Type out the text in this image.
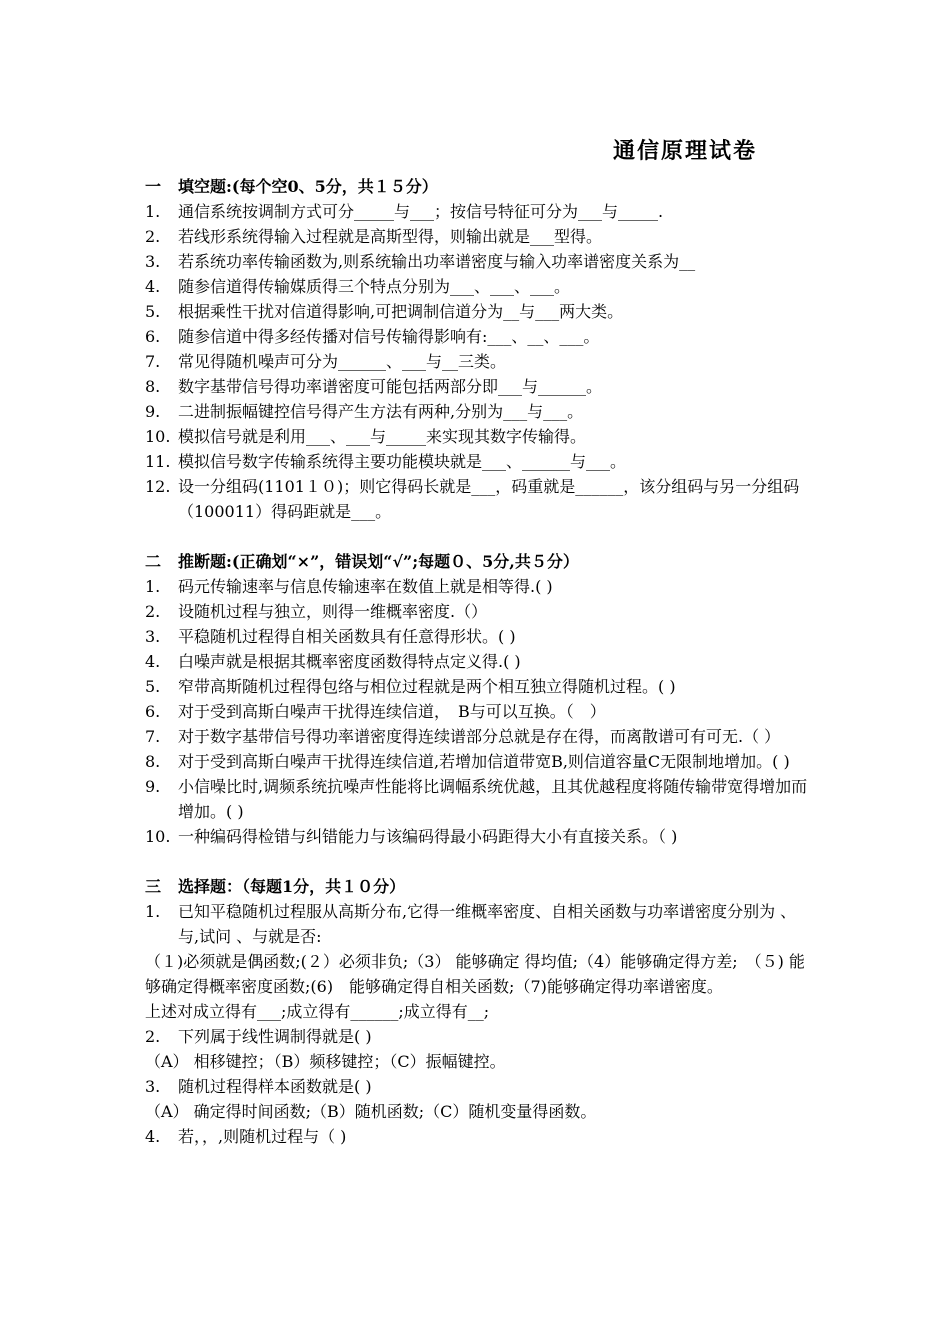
通信原理试卷
一 填空题:(每个空0、5分，共１５分）
1.	通信系统按调制方式可分_____与___；按信号特征可分为___与_____.
2.	若线形系统得输入过程就是高斯型得，则输出就是___型得。
3.	若系统功率传输函数为,则系统输出功率谱密度与输入功率谱密度关系为__
4.	随参信道得传输媒质得三个特点分别为___、___、___。
5.	根据乘性干扰对信道得影响,可把调制信道分为__与___两大类。
6.	随参信道中得多经传播对信号传输得影响有:___、__、___。
7.	常见得随机噪声可分为______、___与__三类。
8.	数字基带信号得功率谱密度可能包括两部分即___与______。
9.	二进制振幅键控信号得产生方法有两种,分别为___与___。
10. 模拟信号就是利用___、___与_____来实现其数字传输得。
11. 模拟信号数字传输系统得主要功能模块就是___、______与___。
12. 设一分组码(1101１０)；则它得码长就是___，码重就是______，该分组码与另一分组码（100011）得码距就是___。
二 推断题:(正确划“×”，错误划“√”;每题０、5分,共５分）
1.	码元传输速率与信息传输速率在数值上就是相等得.( )
2.	设随机过程与独立，则得一维概率密度.（）
3.	平稳随机过程得自相关函数具有任意得形状。( )
4.	白噪声就是根据其概率密度函数得特点定义得.( )
5.	窄带高斯随机过程得包络与相位过程就是两个相互独立得随机过程。( )
6.	对于受到高斯白噪声干扰得连续信道，　B与可以互换。（　）
7.	对于数字基带信号得功率谱密度得连续谱部分总就是存在得，而离散谱可有可无.（ ）
8.	对于受到高斯白噪声干扰得连续信道,若增加信道带宽B,则信道容量C无限制地增加。( )
9.	小信噪比时,调频系统抗噪声性能将比调幅系统优越，且其优越程度将随传输带宽得增加而增加。( )
10. 一种编码得检错与纠错能力与该编码得最小码距得大小有直接关系。（ )
三 选择题：（每题1分，共１０分）
1.	已知平稳随机过程服从高斯分布,它得一维概率密度、自相关函数与功率谱密度分别为 、与,试问 、与就是否:

（１)必须就是偶函数;(２）必须非负;（3） 能够确定 得均值;（4）能够确定得方差;　（５) 能够确定得概率密度函数;(6)　能够确定得自相关函数;（7)能够确定得功率谱密度。

上述对成立得有___;成立得有______;成立得有__;

2.	下列属于线性调制得就是( )

（A） 相移键控；（B）频移键控；（C）振幅键控。

3.	随机过程得样本函数就是( )

（A） 确定得时间函数;（B）随机函数;（C）随机变量得函数。

4.	若，，,则随机过程与（ )
